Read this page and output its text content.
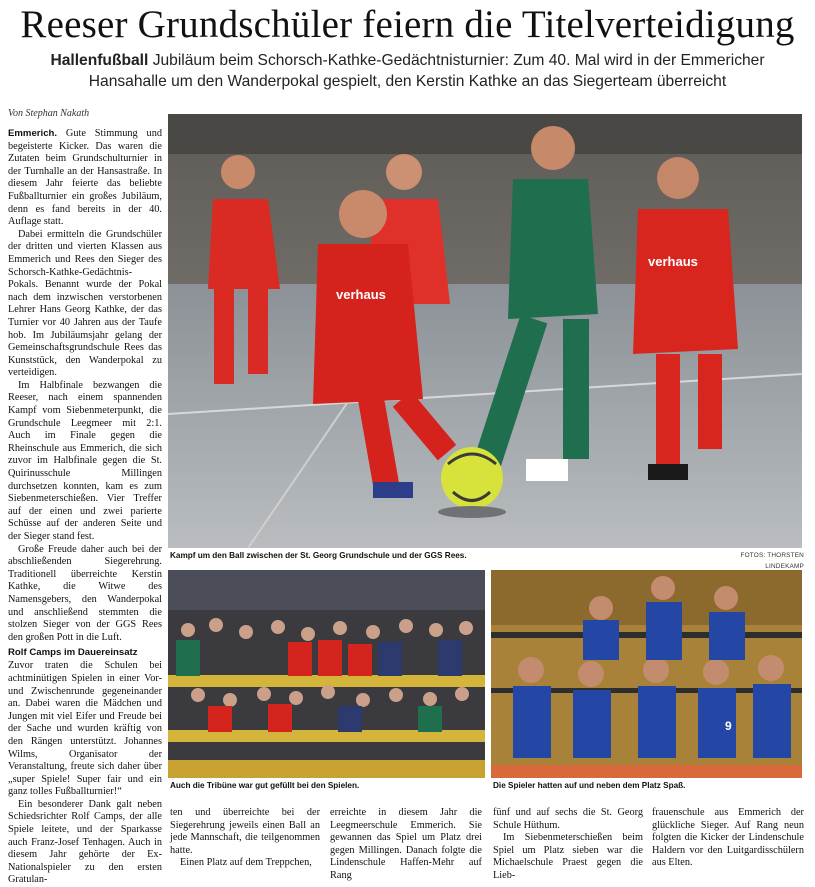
Reeser Grundschüler feiern die Titelverteidigung
Hallenfußball Jubiläum beim Schorsch-Kathke-Gedächtnisturnier: Zum 40. Mal wird in der Emmericher Hansahalle um den Wanderpokal gespielt, den Kerstin Kathke an das Siegerteam überreicht
Von Stephan Nakath

Emmerich. Gute Stimmung und begeisterte Kicker. Das waren die Zutaten beim Grundschulturnier in der Turnhalle an der Hansastraße. In diesem Jahr feierte das beliebte Fußballturnier ein großes Jubiläum, denn es fand bereits in der 40. Auflage statt.

Dabei ermitteln die Grundschüler der dritten und vierten Klassen aus Emmerich und Rees den Sieger des Schorsch-Kathke-Gedächtnis-Pokals. Benannt wurde der Pokal nach dem inzwischen verstorbenen Lehrer Hans Georg Kathke, der das Turnier vor 40 Jahren aus der Taufe hob. Im Jubiläumsjahr gelang der Gemeinschaftsgrundschule Rees das Kunststück, den Wanderpokal zu verteidigen.

Im Halbfinale bezwangen die Reeser, nach einem spannenden Kampf vom Siebenmeterpunkt, die Grundschule Leegmeer mit 2:1. Auch im Finale gegen die Rheinschule aus Emmerich, die sich zuvor im Halbfinale gegen die St. Quirinusschule Millingen durchsetzen konnten, kam es zum Siebenmeterschießen. Vier Treffer auf der einen und zwei parierte Schüsse auf der anderen Seite und der Sieger stand fest.

Große Freude daher auch bei der abschließenden Siegerehrung. Traditionell überreichte Kerstin Kathke, die Witwe des Namensgebers, den Wanderpokal und anschließend stemmten die stolzen Sieger von der GGS Rees den großen Pott in die Luft.

Rolf Camps im Dauereinsatz

Zuvor traten die Schulen bei achtminütigen Spielen in einer Vor- und Zwischenrunde gegeneinander an. Dabei waren die Mädchen und Jungen mit viel Eifer und Freude bei der Sache und wurden kräftig von den Rängen unterstützt. Johannes Wilms, Organisator der Veranstaltung, freute sich daher über „super Spiele! Super fair und ein ganz tolles Fußballturnier!“

Ein besonderer Dank galt neben Schiedsrichter Rolf Camps, der alle Spiele leitete, und der Sparkasse auch Franz-Josef Tenhagen. Auch in diesem Jahr gehörte der Ex-Nationalspieler zu den ersten Gratulan-

verhaus
verhaus
Kampf um den Ball zwischen der St. Georg Grundschule und der GGS Rees.	FOTOS: THORSTEN LINDEKAMP
Auch die Tribüne war gut gefüllt bei den Spielen.
9
Die Spieler hatten auf und neben dem Platz Spaß.

ten und überreichte bei der Siegerehrung jeweils einen Ball an jede Mannschaft, die teilgenommen hatte.

Einen Platz auf dem Treppchen,

erreichte in diesem Jahr die Leegmeerschule Emmerich. Sie gewannen das Spiel um Platz drei gegen Millingen. Danach folgte die Lindenschule Haffen-Mehr auf Rang

fünf und auf sechs die St. Georg Schule Hüthum.

Im Siebenmeterschießen beim Spiel um Platz sieben war die Michaelschule Praest gegen die Lieb-

frauenschule aus Emmerich der glückliche Sieger. Auf Rang neun folgten die Kicker der Lindenschule Haldern vor den Luitgardisschülern aus Elten.
